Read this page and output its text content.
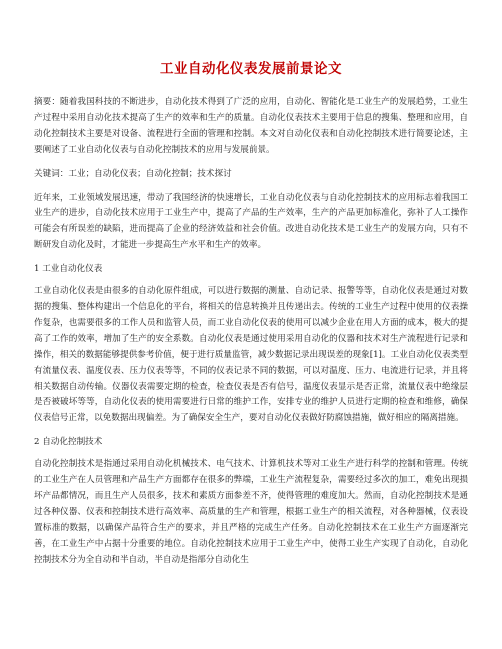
工业自动化仪表发展前景论文

摘要：随着我国科技的不断进步，自动化技术得到了广泛的应用，自动化、智能化是工业生产的发展趋势，工业生产过程中采用自动化技术提高了生产的效率和生产的质量。自动化仪表技术主要用于信息的搜集、整理和应用，自动化控制技术主要是对设备、流程进行全面的管理和控制。本文对自动化仪表和自动化控制技术进行简要论述，主要阐述了工业自动化仪表与自动化控制技术的应用与发展前景。

关键词：工业；自动化仪表；自动化控制；技术探讨

近年来，工业领域发展迅速，带动了我国经济的快速增长，工业自动化仪表与自动化控制技术的应用标志着我国工业生产的进步，自动化技术应用于工业生产中，提高了产品的生产效率，生产的产品更加标准化，弥补了人工操作可能会有所误差的缺陷，进而提高了企业的经济效益和社会价值。改进自动化技术是工业生产的发展方向，只有不断研发自动化及时，才能进一步提高生产水平和生产的效率。

1 工业自动化仪表

工业自动化仪表是由很多的自动化原件组成，可以进行数据的测量、自动记录、报警等等，自动化仪表是通过对数据的搜集、整体构建出一个信息化的平台，将相关的信息转换并且传递出去。传统的工业生产过程中使用的仪表操作复杂，也需要很多的工作人员和监管人员，而工业自动化仪表的使用可以减少企业在用人方面的成本，极大的提高了工作的效率，增加了生产的安全系数。自动化仪表是通过使用采用自动化的仪器和技术对生产流程进行记录和操作，相关的数据能够提供参考价值，便于进行质量监管，减少数据记录出现误差的现象[1]。工业自动化仪表类型有流量仪表、温度仪表、压力仪表等等，不同的仪表记录不同的数据，可以对温度、压力、电流进行记录，并且将相关数据自动传输。仪器仪表需要定期的检查，检查仪表是否有信号，温度仪表显示是否正常，流量仪表中绝缘层是否被破坏等等，自动化仪表的使用需要进行日常的维护工作，安排专业的维护人员进行定期的检查和维修，确保仪表信号正常，以免数据出现偏差。为了确保安全生产，要对自动化仪表做好防腐蚀措施，做好相应的隔离措施。

2 自动化控制技术

自动化控制技术是指通过采用自动化机械技术、电气技术、计算机技术等对工业生产进行科学的控制和管理。传统的工业生产在人员管理和产品生产方面都存在很多的弊端，工业生产流程复杂，需要经过多次的加工，难免出现损坏产品都情况，而且生产人员很多，技术和素质方面参差不齐，使得管理的难度加大。然而，自动化控制技术是通过各种仪器、仪表和控制技术进行高效率、高质量的生产和管理，根据工业生产的相关流程，对各种器械，仪表设置标准的数据，以确保产品符合生产的要求，并且严格的完成生产任务。自动化控制技术在工业生产方面逐渐完善，在工业生产中占据十分重要的地位。自动化控制技术应用于工业生产中，使得工业生产实现了自动化，自动化控制技术分为全自动和半自动，半自动是指部分自动化生
